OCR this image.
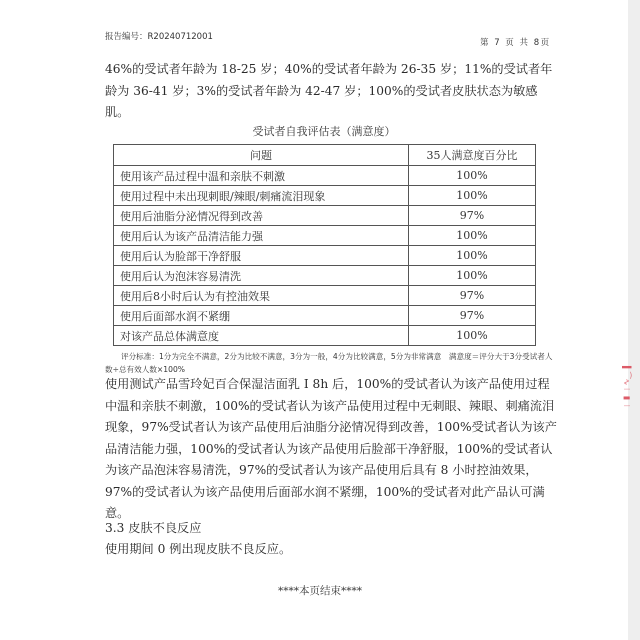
▍⁀∿ ⁝ ▬ ⁝
报告编号：R20240712001
第 7 页 共 8页

46%的受试者年龄为 18-25 岁；40%的受试者年龄为 26-35 岁；11%的受试者年龄为 36-41 岁；3%的受试者年龄为 42-47 岁；100%的受试者皮肤状态为敏感肌。

受试者自我评估表（满意度）
问题	35人满意度百分比
使用该产品过程中温和亲肤不刺激	100%
使用过程中未出现刺眼/辣眼/刺痛流泪现象	100%
使用后油脂分泌情况得到改善	97%
使用后认为该产品清洁能力强	100%
使用后认为脸部干净舒服	100%
使用后认为泡沫容易清洗	100%
使用后8小时后认为有控油效果	97%
使用后面部水润不紧绷	97%
对该产品总体满意度	100%
评分标准：1分为完全不满意，2分为比较不满意，3分为一般，4分为比较满意，5分为非常满意　满意度＝评分大于3分受试者人数÷总有效人数×100%

使用测试产品雪玲妃百合保湿洁面乳 I 8h 后，100%的受试者认为该产品使用过程中温和亲肤不刺激，100%的受试者认为该产品使用过程中无刺眼、辣眼、刺痛流泪现象，97%受试者认为该产品使用后油脂分泌情况得到改善，100%受试者认为该产品清洁能力强，100%的受试者认为该产品使用后脸部干净舒服，100%的受试者认为该产品泡沫容易清洗，97%的受试者认为该产品使用后具有 8 小时控油效果，97%的受试者认为该产品使用后面部水润不紧绷，100%的受试者对此产品认可满意。

3.3 皮肤不良反应

使用期间 0 例出现皮肤不良反应。

****本页结束****
